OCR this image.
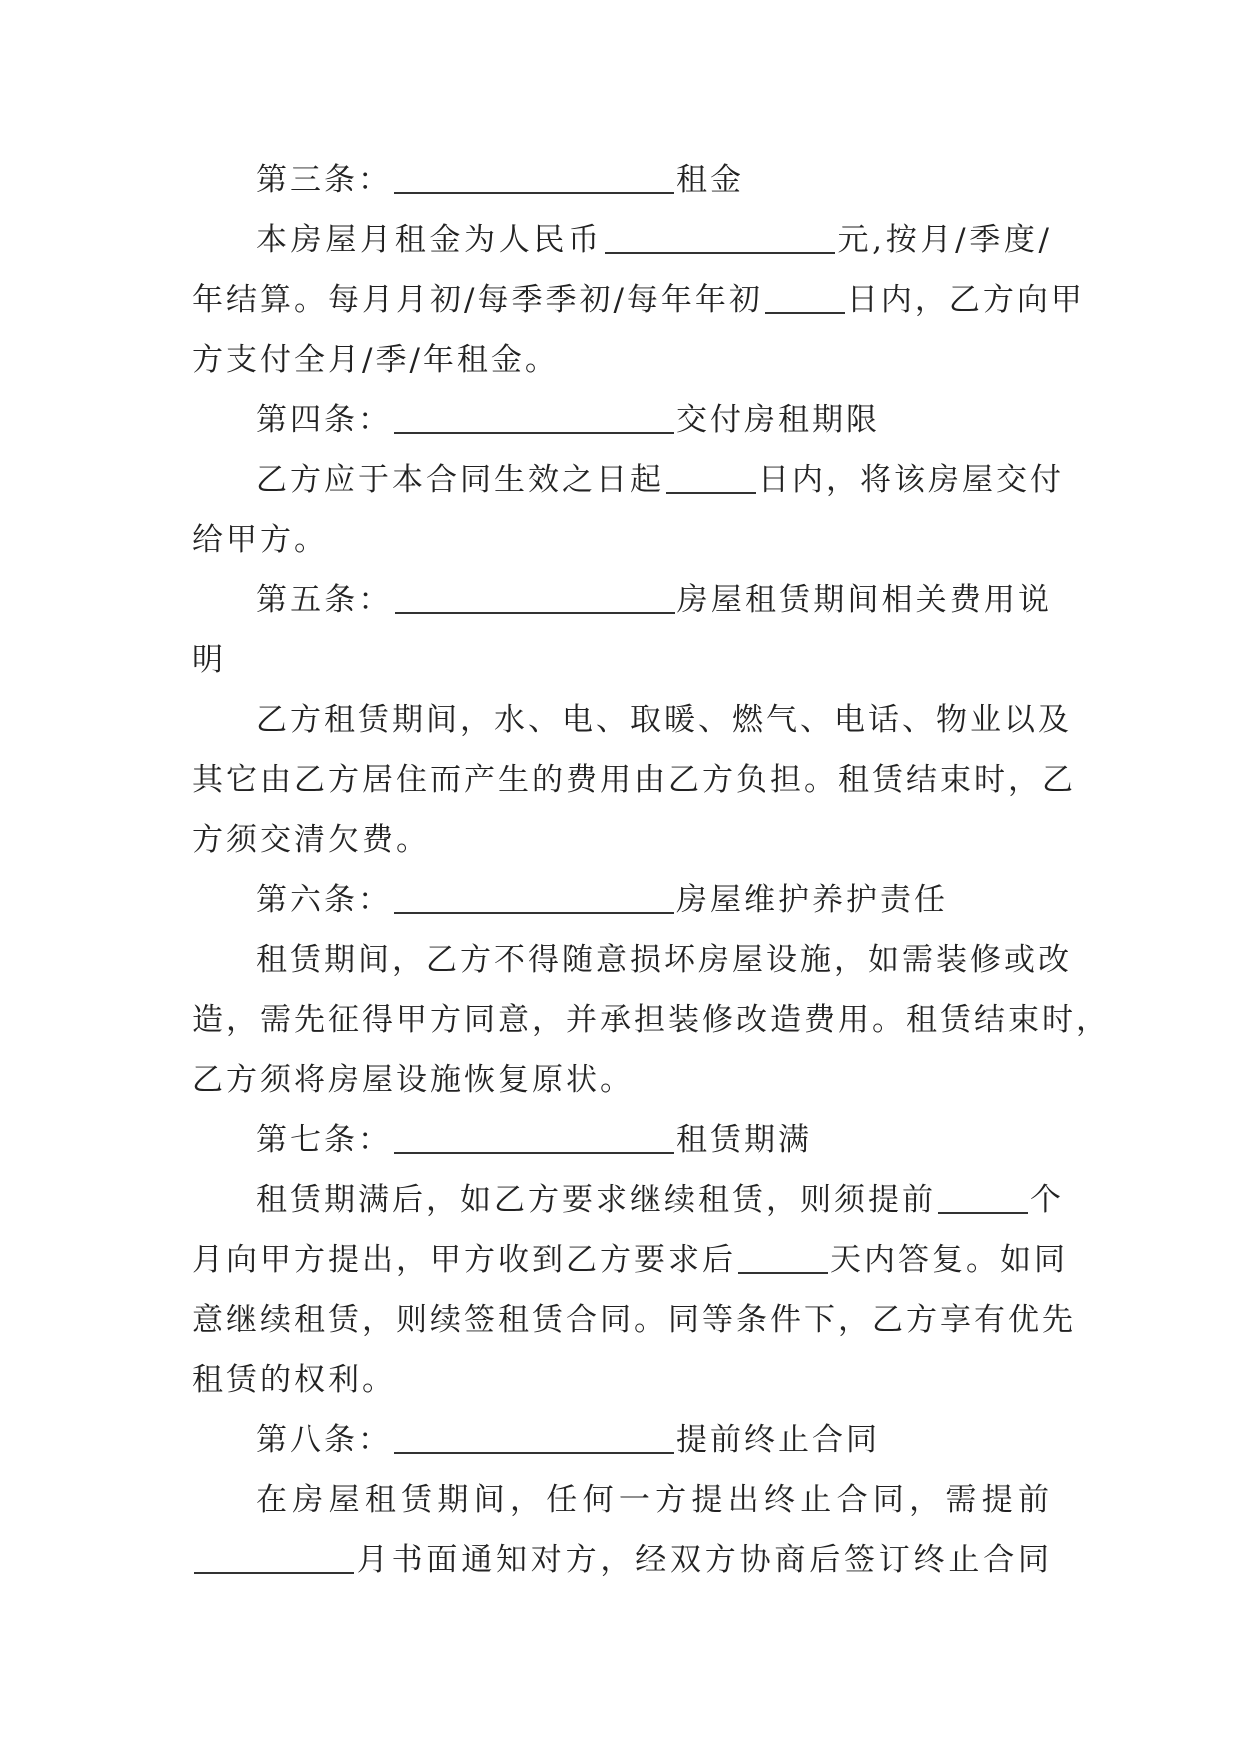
第三条：	租金
本房屋月租金为人民币	元,按月/季度/
年结算。每月月初/每季季初/每年年初	日内，乙方向甲
方支付全月/季/年租金。
第四条：	交付房租期限
乙方应于本合同生效之日起	日内，将该房屋交付
给甲方。
第五条：	房屋租赁期间相关费用说
明
乙方租赁期间，水、电、取暖、燃气、电话、物业以及
其它由乙方居住而产生的费用由乙方负担。租赁结束时，乙
方须交清欠费。
第六条：	房屋维护养护责任
租赁期间，乙方不得随意损坏房屋设施，如需装修或改
造，需先征得甲方同意，并承担装修改造费用。租赁结束时，
乙方须将房屋设施恢复原状。
第七条：	租赁期满
租赁期满后，如乙方要求继续租赁，则须提前	个
月向甲方提出，甲方收到乙方要求后	天内答复。如同
意继续租赁，则续签租赁合同。同等条件下，乙方享有优先
租赁的权利。
第八条：	提前终止合同
在房屋租赁期间，任何一方提出终止合同，需提前
月书面通知对方，经双方协商后签订终止合同
